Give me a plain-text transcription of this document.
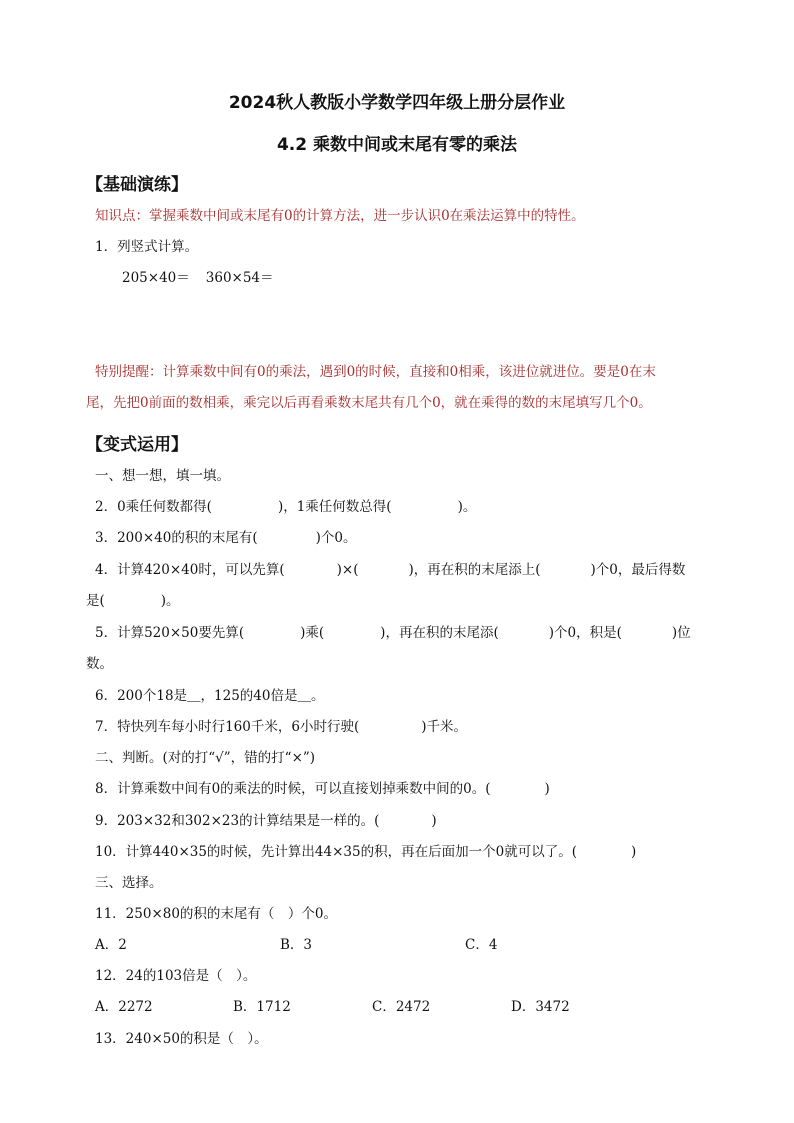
2024秋人教版小学数学四年级上册分层作业
4.2 乘数中间或末尾有零的乘法
【基础演练】
知识点：掌握乘数中间或末尾有0的计算方法，进一步认识0在乘法运算中的特性。
1．列竖式计算。
205×40＝ 360×54＝
特别提醒：计算乘数中间有0的乘法，遇到0的时候，直接和0相乘，该进位就进位。要是0在末
尾，先把0前面的数相乘，乘完以后再看乘数末尾共有几个0，就在乘得的数的末尾填写几个0。
【变式运用】
一、想一想，填一填。
2．0乘任何数都得(	)，1乘任何数总得(	)。
3．200×40的积的末尾有(	)个0。
4．计算420×40时，可以先算(	)×(	)，再在积的末尾添上(	)个0，最后得数
是(	)。
5．计算520×50要先算(	)乘(	)，再在积的末尾添(	)个0，积是(	)位
数。
6．200个18是＿，125的40倍是＿。
7．特快列车每小时行160千米，6小时行驶(	)千米。
二、判断。(对的打“√”，错的打“×”)
8．计算乘数中间有0的乘法的时候，可以直接划掉乘数中间的0。(	)
9．203×32和302×23的计算结果是一样的。(	)
10．计算440×35的时候，先计算出44×35的积，再在后面加一个0就可以了。(	)
三、选择。
11．250×80的积的末尾有（　）个0。
A．2	B．3	C．4
12．24的103倍是（　）。
A．2272	B．1712	C．2472	D．3472
13．240×50的积是（　）。
